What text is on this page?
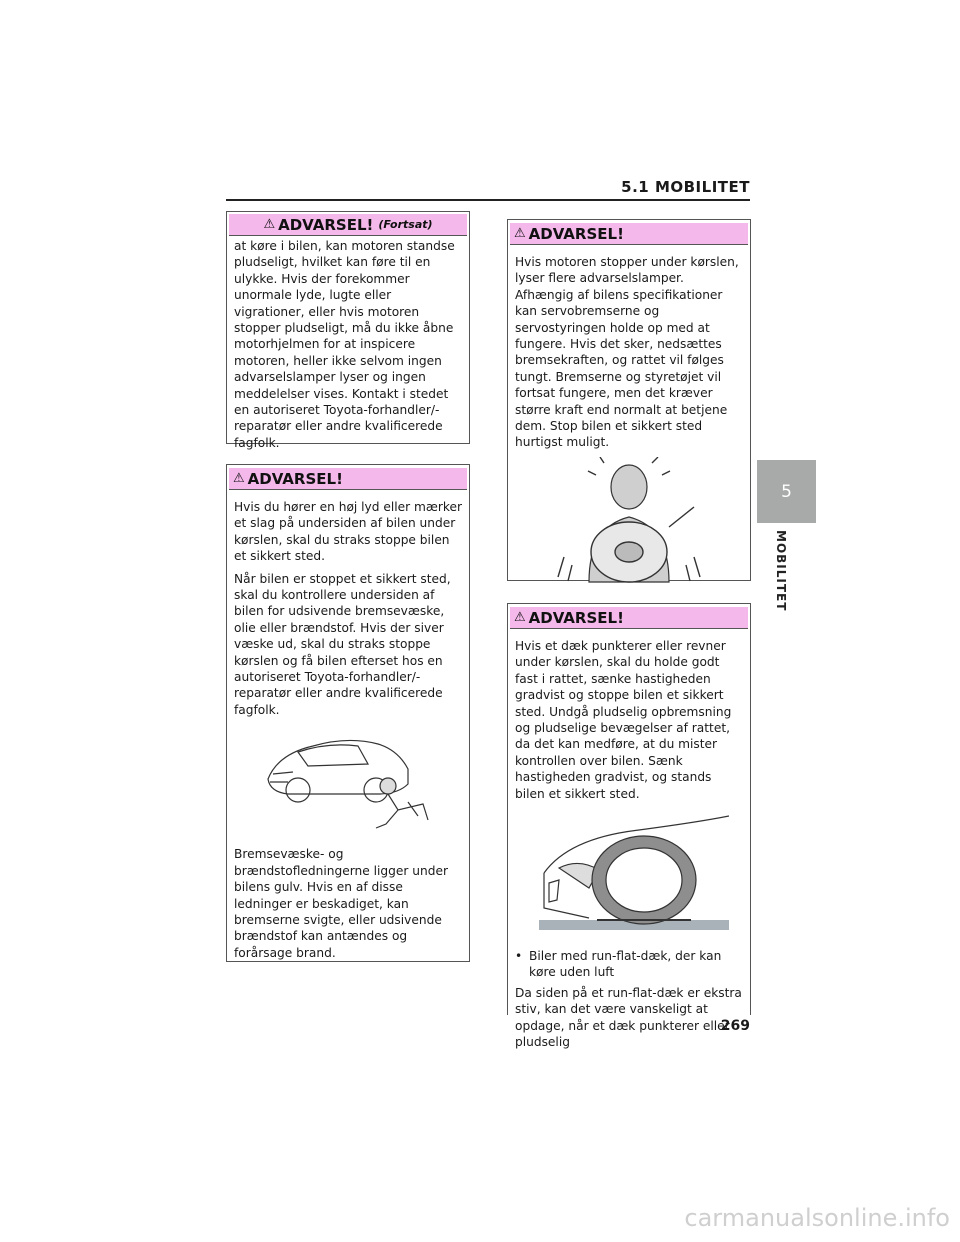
5.1 MOBILITET
5
MOBILITET
⚠ ADVARSEL! (Fortsat)

at køre i bilen, kan motoren standse pludseligt, hvilket kan føre til en ulykke. Hvis der forekommer unormale lyde, lugte eller vigrationer, eller hvis motoren stopper pludseligt, må du ikke åbne motorhjelmen for at inspicere motoren, heller ikke selvom ingen advarselslamper lyser og ingen meddelelser vises. Kontakt i stedet en autoriseret Toyota-forhandler/-reparatør eller andre kvalificerede fagfolk.

⚠ ADVARSEL!

Hvis du hører en høj lyd eller mærker et slag på undersiden af bilen under kørslen, skal du straks stoppe bilen et sikkert sted.

Når bilen er stoppet et sikkert sted, skal du kontrollere undersiden af bilen for udsivende bremsevæske, olie eller brændstof. Hvis der siver væske ud, skal du straks stoppe kørslen og få bilen efterset hos en autoriseret Toyota-forhandler/-reparatør eller andre kvalificerede fagfolk.

Bremsevæske- og brændstofledningerne ligger under bilens gulv. Hvis en af disse ledninger er beskadiget, kan bremserne svigte, eller udsivende brændstof kan antændes og forårsage brand.

⚠ ADVARSEL!

Hvis motoren stopper under kørslen, lyser flere advarselslamper. Afhængig af bilens specifikationer kan servobremserne og servostyringen holde op med at fungere. Hvis det sker, nedsættes bremsekraften, og rattet vil følges tungt. Bremserne og styretøjet vil fortsat fungere, men det kræver større kraft end normalt at betjene dem. Stop bilen et sikkert sted hurtigst muligt.

⚠ ADVARSEL!

Hvis et dæk punkterer eller revner under kørslen, skal du holde godt fast i rattet, sænke hastigheden gradvist og stoppe bilen et sikkert sted. Undgå pludselig opbremsning og pludselige bevægelser af rattet, da det kan medføre, at du mister kontrollen over bilen. Sænk hastigheden gradvist, og stands bilen et sikkert sted.

• Biler med run-flat-dæk, der kan køre uden luft

Da siden på et run-flat-dæk er ekstra stiv, kan det være vanskeligt at opdage, når et dæk punkterer eller pludselig

269
carmanualsonline.info
